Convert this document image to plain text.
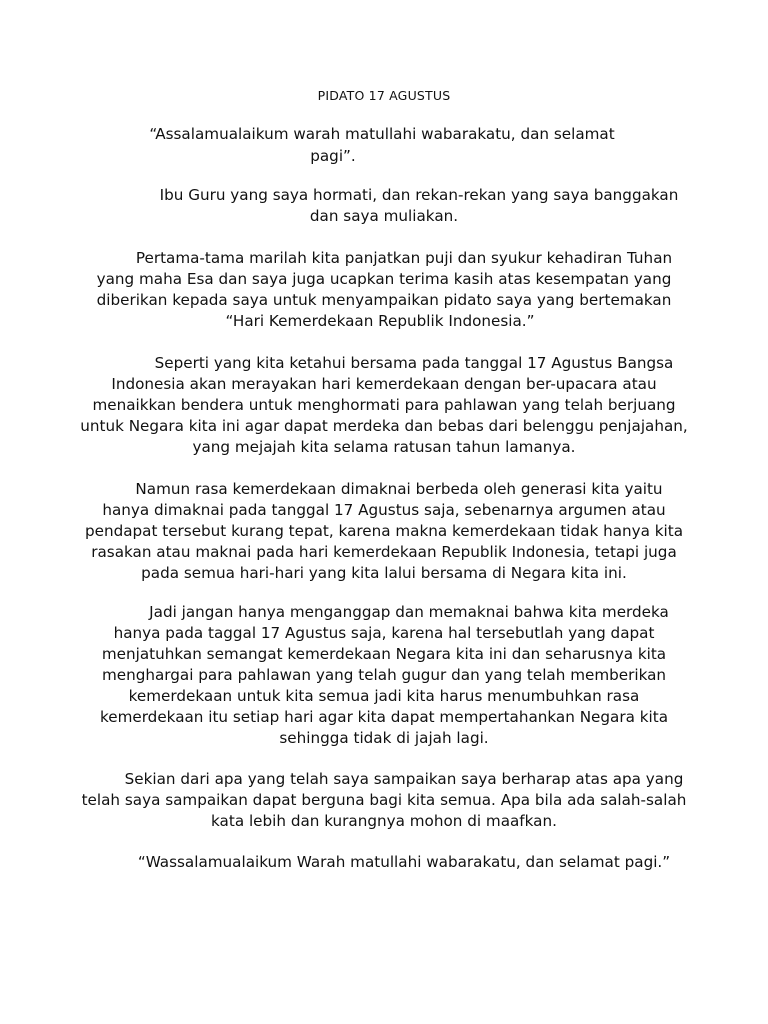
PIDATO 17 AGUSTUS
“Assalamualaikum warah matullahi wabarakatu, dan selamat
pagi”.
Ibu Guru yang saya hormati, dan rekan-rekan yang saya banggakan
dan saya muliakan.
Pertama-tama marilah kita panjatkan puji dan syukur kehadiran Tuhan
yang maha Esa dan saya juga ucapkan terima kasih atas kesempatan yang
diberikan kepada saya untuk menyampaikan pidato saya yang bertemakan
“Hari Kemerdekaan Republik Indonesia.”
Seperti yang kita ketahui bersama pada tanggal 17 Agustus Bangsa
Indonesia akan merayakan hari kemerdekaan dengan ber-upacara atau
menaikkan bendera untuk menghormati para pahlawan yang telah berjuang
untuk Negara kita ini agar dapat merdeka dan bebas dari belenggu penjajahan,
yang mejajah kita selama ratusan tahun lamanya.
Namun rasa kemerdekaan dimaknai berbeda oleh generasi kita yaitu
hanya dimaknai pada tanggal 17 Agustus saja, sebenarnya argumen atau
pendapat tersebut kurang tepat, karena makna kemerdekaan tidak hanya kita
rasakan atau maknai pada hari kemerdekaan Republik Indonesia, tetapi juga
pada semua hari-hari yang kita lalui bersama di Negara kita ini.
Jadi jangan hanya menganggap dan memaknai bahwa kita merdeka
hanya pada taggal 17 Agustus saja, karena hal tersebutlah yang dapat
menjatuhkan semangat kemerdekaan Negara kita ini dan seharusnya kita
menghargai para pahlawan yang telah gugur dan yang telah memberikan
kemerdekaan untuk kita semua jadi kita harus menumbuhkan rasa
kemerdekaan itu setiap hari agar kita dapat mempertahankan Negara kita
sehingga tidak di jajah lagi.
Sekian dari apa yang telah saya sampaikan saya berharap atas apa yang
telah saya sampaikan dapat berguna bagi kita semua. Apa bila ada salah-salah
kata lebih dan kurangnya mohon di maafkan.
“Wassalamualaikum Warah matullahi wabarakatu, dan selamat pagi.”
